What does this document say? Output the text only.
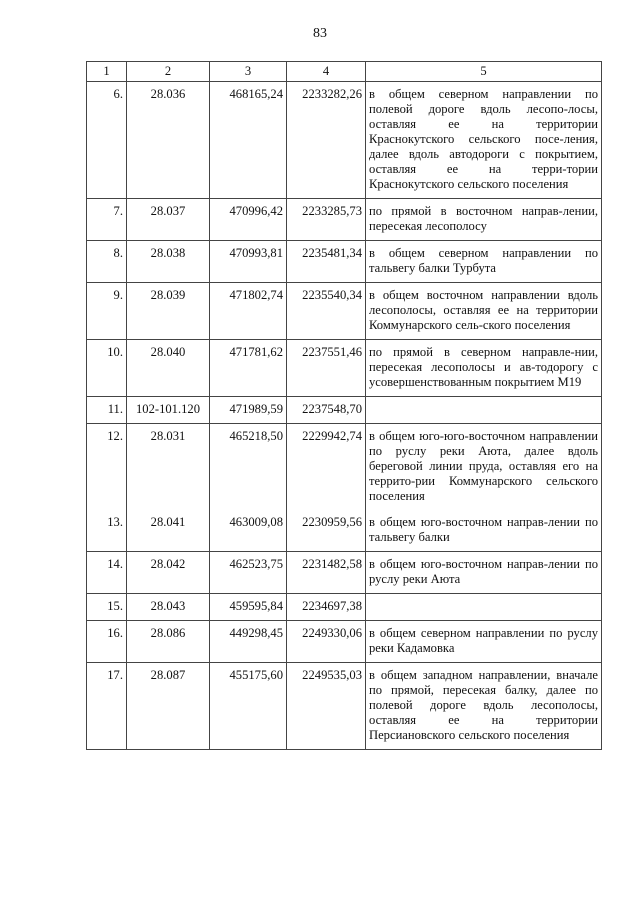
83
1	2	3	4	5
6.	28.036	468165,24	2233282,26	в общем северном направлении по полевой дороге вдоль лесопо-лосы, оставляя ее на территории Краснокутского сельского посе-ления, далее вдоль автодороги с покрытием, оставляя ее на терри-тории Краснокутского сельского поселения
7.	28.037	470996,42	2233285,73	по прямой в восточном направ-лении, пересекая лесополосу
8.	28.038	470993,81	2235481,34	в общем северном направлении по тальвегу балки Турбута
9.	28.039	471802,74	2235540,34	в общем восточном направлении вдоль лесополосы, оставляя ее на территории Коммунарского сель-ского поселения
10.	28.040	471781,62	2237551,46	по прямой в северном направле-нии, пересекая лесополосы и ав-тодорогу с усовершенствованным покрытием М19
11.	102-101.120	471989,59	2237548,70	
12.	28.031	465218,50	2229942,74	в общем юго-юго-восточном направлении по руслу реки Аюта, далее вдоль береговой линии пруда, оставляя его на террито-рии Коммунарского сельского поселения
13.	28.041	463009,08	2230959,56	в общем юго-восточном направ-лении по тальвегу балки
14.	28.042	462523,75	2231482,58	в общем юго-восточном направ-лении по руслу реки Аюта
15.	28.043	459595,84	2234697,38	
16.	28.086	449298,45	2249330,06	в общем северном направлении по руслу реки Кадамовка
17.	28.087	455175,60	2249535,03	в общем западном направлении, вначале по прямой, пересекая балку, далее по полевой дороге вдоль лесополосы, оставляя ее на территории Персиановского сельского поселения
